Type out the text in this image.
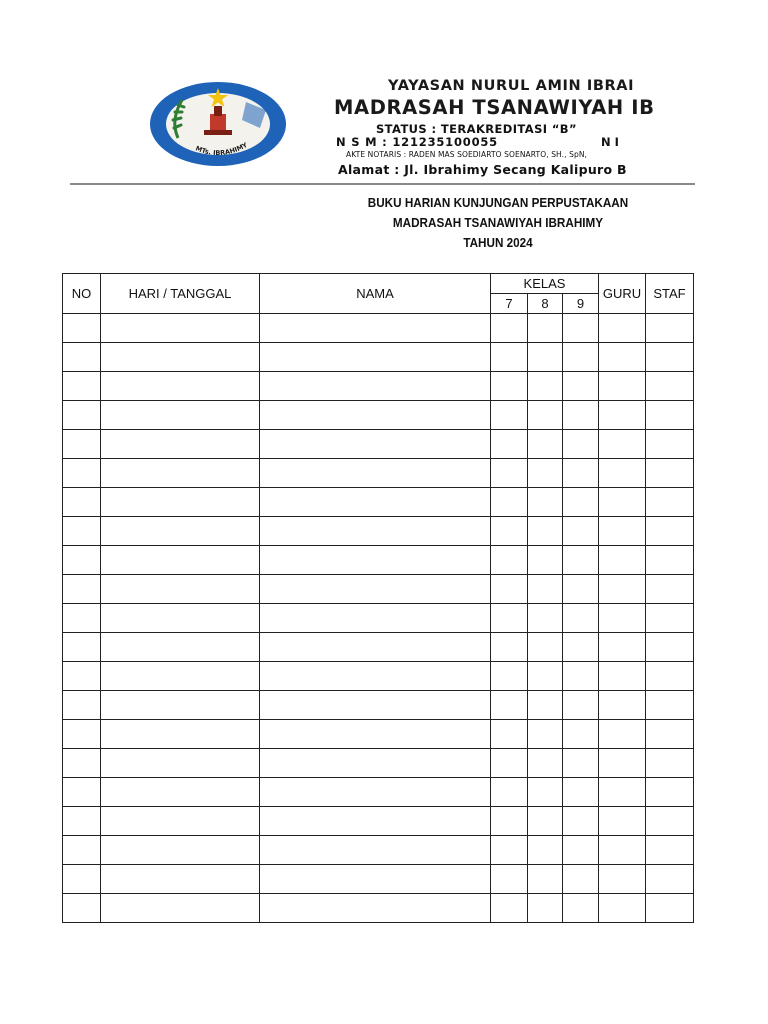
MTs. IBRAHIMY
YAYASAN NURUL AMIN IBRAI
MADRASAH TSANAWIYAH IB
STATUS : TERAKREDITASI “B”
N S M : 121235100055	N I
AKTE NOTARIS : RADEN MAS SOEDIARTO SOENARTO, SH., SpN,
Alamat : Jl. Ibrahimy Secang Kalipuro B
BUKU HARIAN KUNJUNGAN PERPUSTAKAAN
MADRASAH TSANAWIYAH IBRAHIMY
TAHUN 2024
NO	HARI / TANGGAL	NAMA	KELAS			GURU	STAF
			7	8	9		
